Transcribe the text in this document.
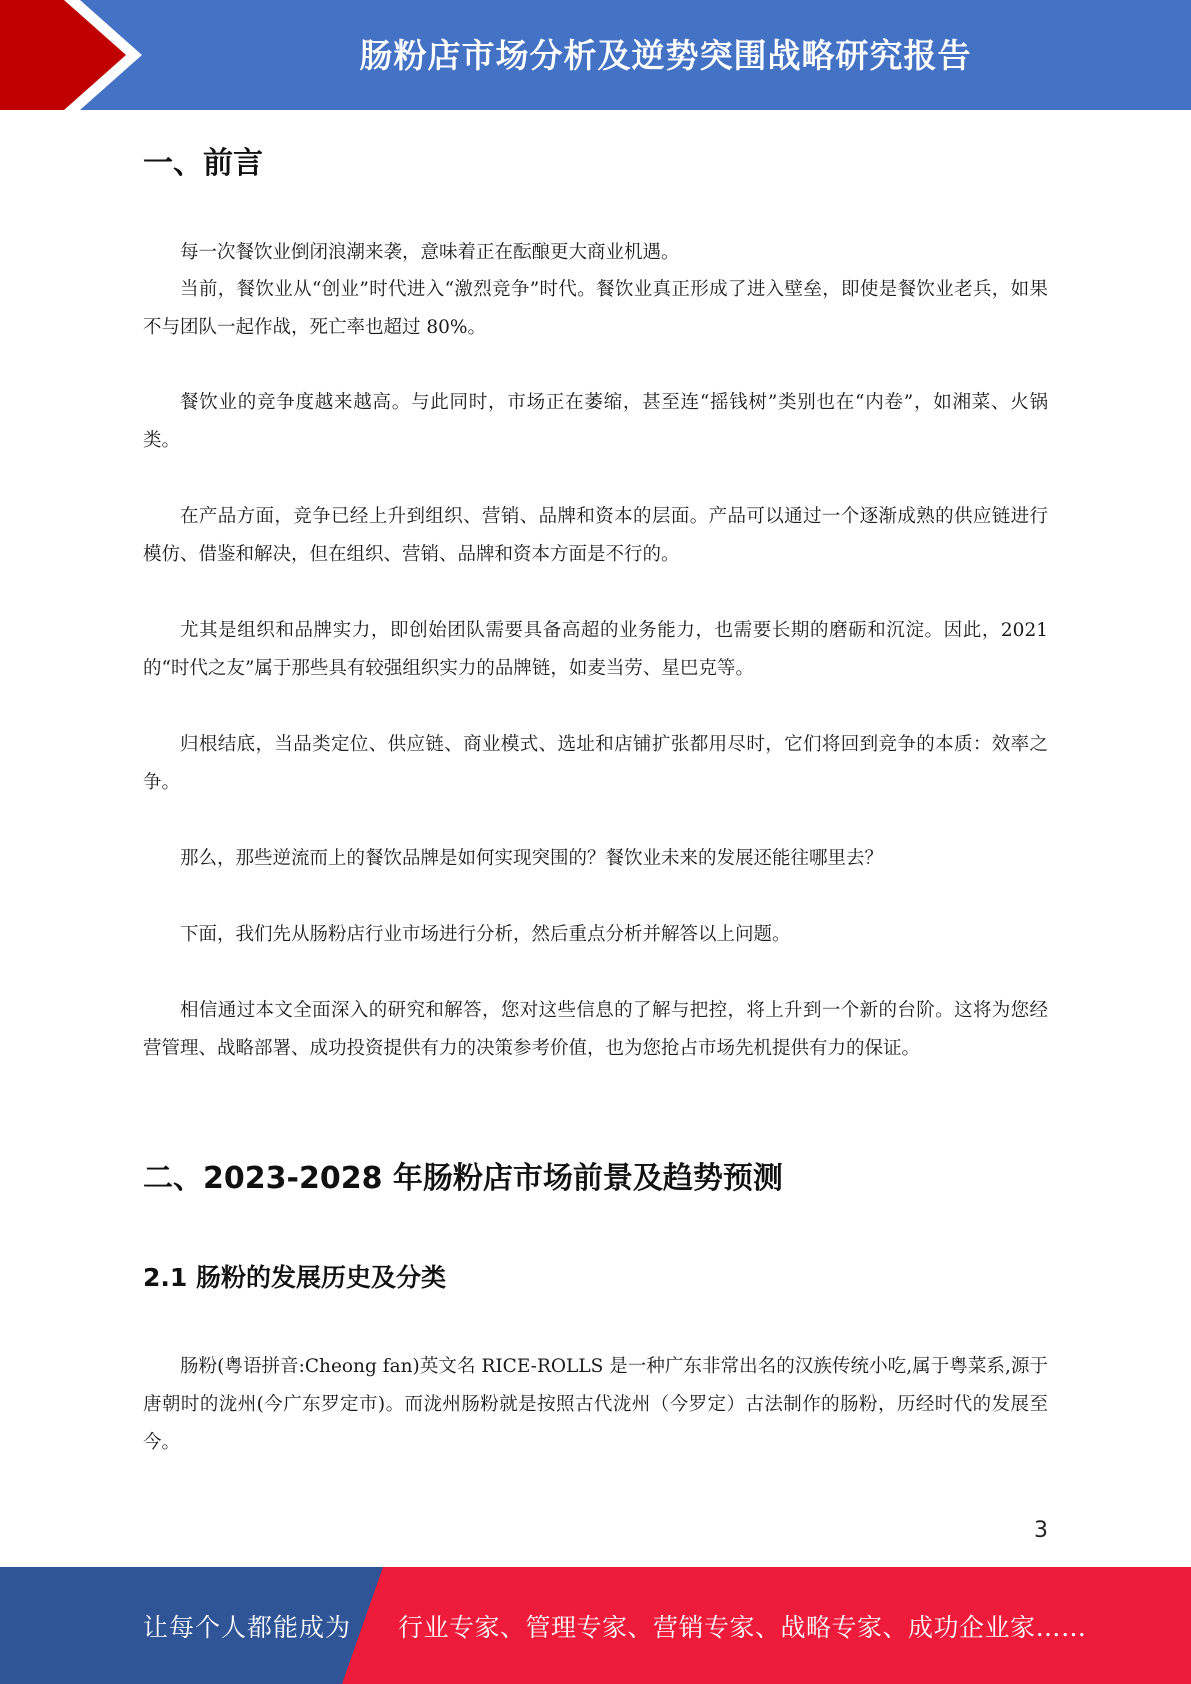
肠粉店市场分析及逆势突围战略研究报告
一、前言

每一次餐饮业倒闭浪潮来袭，意味着正在酝酿更大商业机遇。

当前，餐饮业从“创业”时代进入“激烈竞争”时代。餐饮业真正形成了进入壁垒，即使是餐饮业老兵，如果不与团队一起作战，死亡率也超过 80%。

餐饮业的竞争度越来越高。与此同时，市场正在萎缩，甚至连“摇钱树”类别也在“内卷”，如湘菜、火锅类。

在产品方面，竞争已经上升到组织、营销、品牌和资本的层面。产品可以通过一个逐渐成熟的供应链进行模仿、借鉴和解决，但在组织、营销、品牌和资本方面是不行的。

尤其是组织和品牌实力，即创始团队需要具备高超的业务能力，也需要长期的磨砺和沉淀。因此，2021 的“时代之友”属于那些具有较强组织实力的品牌链，如麦当劳、星巴克等。

归根结底，当品类定位、供应链、商业模式、选址和店铺扩张都用尽时，它们将回到竞争的本质：效率之争。

那么，那些逆流而上的餐饮品牌是如何实现突围的？餐饮业未来的发展还能往哪里去？

下面，我们先从肠粉店行业市场进行分析，然后重点分析并解答以上问题。

相信通过本文全面深入的研究和解答，您对这些信息的了解与把控，将上升到一个新的台阶。这将为您经营管理、战略部署、成功投资提供有力的决策参考价值，也为您抢占市场先机提供有力的保证。

二、2023-2028 年肠粉店市场前景及趋势预测
2.1 肠粉的发展历史及分类

肠粉(粤语拼音:Cheong fan)英文名 RICE-ROLLS 是一种广东非常出名的汉族传统小吃,属于粤菜系,源于唐朝时的泷州(今广东罗定市)。而泷州肠粉就是按照古代泷州（今罗定）古法制作的肠粉，历经时代的发展至今。

3
让每个人都能成为 行业专家、管理专家、营销专家、战略专家、成功企业家……
